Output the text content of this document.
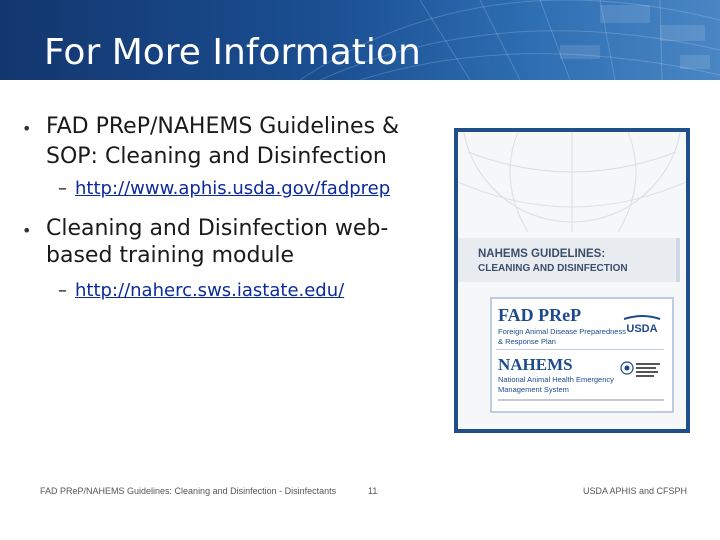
For More Information
• FAD PReP/NAHEMS Guidelines &
SOP: Cleaning and Disinfection
– http://www.aphis.usda.gov/fadprep
• Cleaning and Disinfection web-
based training module
– http://naherc.sws.iastate.edu/
NAHEMS GUIDELINES:
CLEANING AND DISINFECTION
FAD PReP
Foreign Animal Disease Preparedness & Response Plan
USDA
NAHEMS
National Animal Health Emergency Management System
FAD PReP/NAHEMS Guidelines: Cleaning and Disinfection - Disinfectants	11	USDA APHIS and CFSPH
